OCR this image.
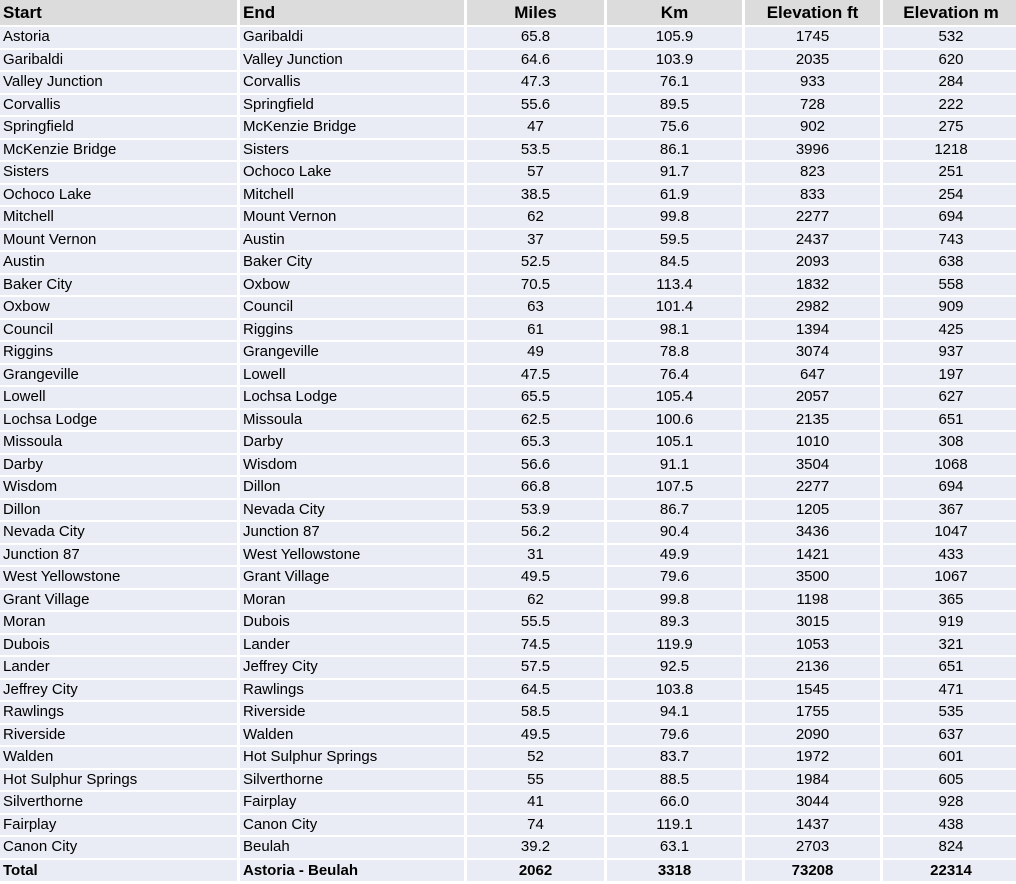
Start	End	Miles	Km	Elevation ft	Elevation m
Astoria	Garibaldi	65.8	105.9	1745	532
Garibaldi	Valley Junction	64.6	103.9	2035	620
Valley Junction	Corvallis	47.3	76.1	933	284
Corvallis	Springfield	55.6	89.5	728	222
Springfield	McKenzie Bridge	47	75.6	902	275
McKenzie Bridge	Sisters	53.5	86.1	3996	1218
Sisters	Ochoco Lake	57	91.7	823	251
Ochoco Lake	Mitchell	38.5	61.9	833	254
Mitchell	Mount Vernon	62	99.8	2277	694
Mount Vernon	Austin	37	59.5	2437	743
Austin	Baker City	52.5	84.5	2093	638
Baker City	Oxbow	70.5	113.4	1832	558
Oxbow	Council	63	101.4	2982	909
Council	Riggins	61	98.1	1394	425
Riggins	Grangeville	49	78.8	3074	937
Grangeville	Lowell	47.5	76.4	647	197
Lowell	Lochsa Lodge	65.5	105.4	2057	627
Lochsa Lodge	Missoula	62.5	100.6	2135	651
Missoula	Darby	65.3	105.1	1010	308
Darby	Wisdom	56.6	91.1	3504	1068
Wisdom	Dillon	66.8	107.5	2277	694
Dillon	Nevada City	53.9	86.7	1205	367
Nevada City	Junction 87	56.2	90.4	3436	1047
Junction 87	West Yellowstone	31	49.9	1421	433
West Yellowstone	Grant Village	49.5	79.6	3500	1067
Grant Village	Moran	62	99.8	1198	365
Moran	Dubois	55.5	89.3	3015	919
Dubois	Lander	74.5	119.9	1053	321
Lander	Jeffrey City	57.5	92.5	2136	651
Jeffrey City	Rawlings	64.5	103.8	1545	471
Rawlings	Riverside	58.5	94.1	1755	535
Riverside	Walden	49.5	79.6	2090	637
Walden	Hot Sulphur Springs	52	83.7	1972	601
Hot Sulphur Springs	Silverthorne	55	88.5	1984	605
Silverthorne	Fairplay	41	66.0	3044	928
Fairplay	Canon City	74	119.1	1437	438
Canon City	Beulah	39.2	63.1	2703	824
Total	Astoria - Beulah	2062	3318	73208	22314
